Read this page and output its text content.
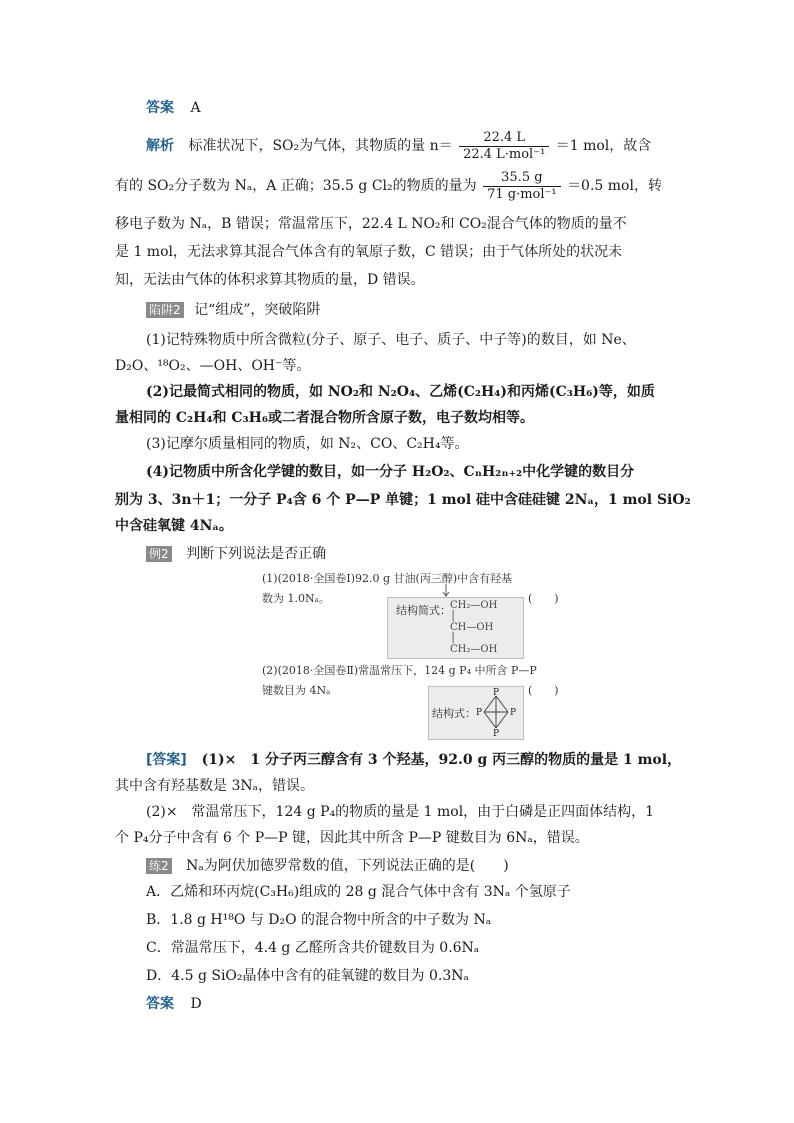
答案 A
解析 标准状况下，SO₂为气体，其物质的量 $n= \frac{22.4 L}{\text{22.4 L·mol⁻¹}} =1$ mol，故含
有的 SO₂分子数为 Nₐ，A 正确；35.5 g Cl₂的物质的量为 $\frac{35.5 g}{\text{71 g·mol⁻¹}} =0.5$ mol，转
移电子数为 Nₐ，B 错误；常温常压下，22.4 L NO₂和 CO₂混合气体的物质的量不
是 1 mol，无法求算其混合气体含有的氧原子数，C 错误；由于气体所处的状况未
知，无法由气体的体积求算其物质的量，D 错误。
陷阱2 记“组成”，突破陷阱
(1)记特殊物质中所含微粒(分子、原子、电子、质子、中子等)的数目，如 Ne、
D₂O、¹⁸O₂、—OH、OH⁻等。
(2)记最简式相同的物质，如 NO₂和 N₂O₄、乙烯(C₂H₄)和丙烯(C₃H₆)等，如质
量相同的 C₂H₄和 C₃H₆或二者混合物所含原子数，电子数均相等。
(3)记摩尔质量相同的物质，如 N₂、CO、C₂H₄等。
(4)记物质中所含化学键的数目，如一分子 H₂O₂、CₙH₂ₙ₊₂中化学键的数目分
别为 3、3n＋1；一分子 P₄含 6 个 P—P 单键；1 mol 硅中含硅硅键 2Nₐ，1 mol SiO₂
中含硅氧键 4Nₐ。
例2 判断下列说法是否正确
(1)(2018·全国卷Ⅰ)92.0 g 甘油(丙三醇)中含有羟基
数为 1.0Nₐ。	(　　)
结构简式： CH₂—OH
│
CH—OH
│
CH₂—OH
(2)(2018·全国卷Ⅱ)常温常压下，124 g P₄ 中所含 P—P
键数目为 4Nₐ	(　　)
结构式：
P
P	P
P
[答案] (1)×　1 分子丙三醇含有 3 个羟基，92.0 g 丙三醇的物质的量是 1 mol，
其中含有羟基数是 3Nₐ，错误。
(2)×　常温常压下，124 g P₄的物质的量是 1 mol，由于白磷是正四面体结构，1
个 P₄分子中含有 6 个 P—P 键，因此其中所含 P—P 键数目为 6Nₐ，错误。
练2 Nₐ为阿伏加德罗常数的值，下列说法正确的是(　　)
A．乙烯和环丙烷(C₃H₆)组成的 28 g 混合气体中含有 3Nₐ 个氢原子
B．1.8 g H¹⁸O 与 D₂O 的混合物中所含的中子数为 Nₐ
C．常温常压下，4.4 g 乙醛所含共价键数目为 0.6Nₐ
D．4.5 g SiO₂晶体中含有的硅氧键的数目为 0.3Nₐ
答案 D
